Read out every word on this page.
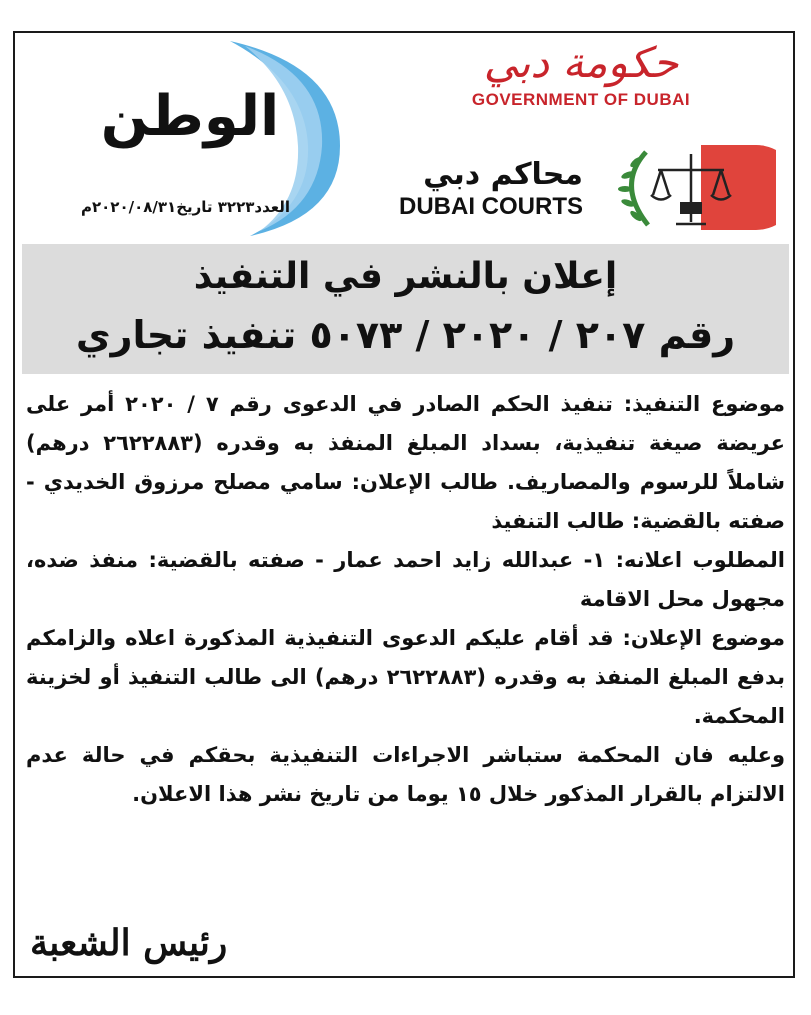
حكومة دبي
GOVERNMENT OF DUBAI
محاكم دبي
DUBAI COURTS
الوطن
العدد٣٢٢٣ تاريخ٢٠٢٠/٠٨/٣١م
إعلان بالنشر في التنفيذ
رقم ٢٠٧ / ٢٠٢٠ / ٥٠٧٣ تنفيذ تجاري

موضوع التنفيذ: تنفيذ الحكم الصادر في الدعوى رقم ٧ / ٢٠٢٠ أمر على عريضة صيغة تنفيذية، بسداد المبلغ المنفذ به وقدره (٢٦٢٢٨٨٣ درهم) شاملاً للرسوم والمصاريف. طالب الإعلان: سامي مصلح مرزوق الخديدي - صفته بالقضية: طالب التنفيذ

المطلوب اعلانه: ١- عبدالله زايد احمد عمار - صفته بالقضية: منفذ ضده، مجهول محل الاقامة

موضوع الإعلان: قد أقام عليكم الدعوى التنفيذية المذكورة اعلاه والزامكم بدفع المبلغ المنفذ به وقدره (٢٦٢٢٨٨٣ درهم) الى طالب التنفيذ أو لخزينة المحكمة.

وعليه فان المحكمة ستباشر الاجراءات التنفيذية بحقكم في حالة عدم الالتزام بالقرار المذكور خلال ١٥ يوما من تاريخ نشر هذا الاعلان.

رئيس الشعبة
